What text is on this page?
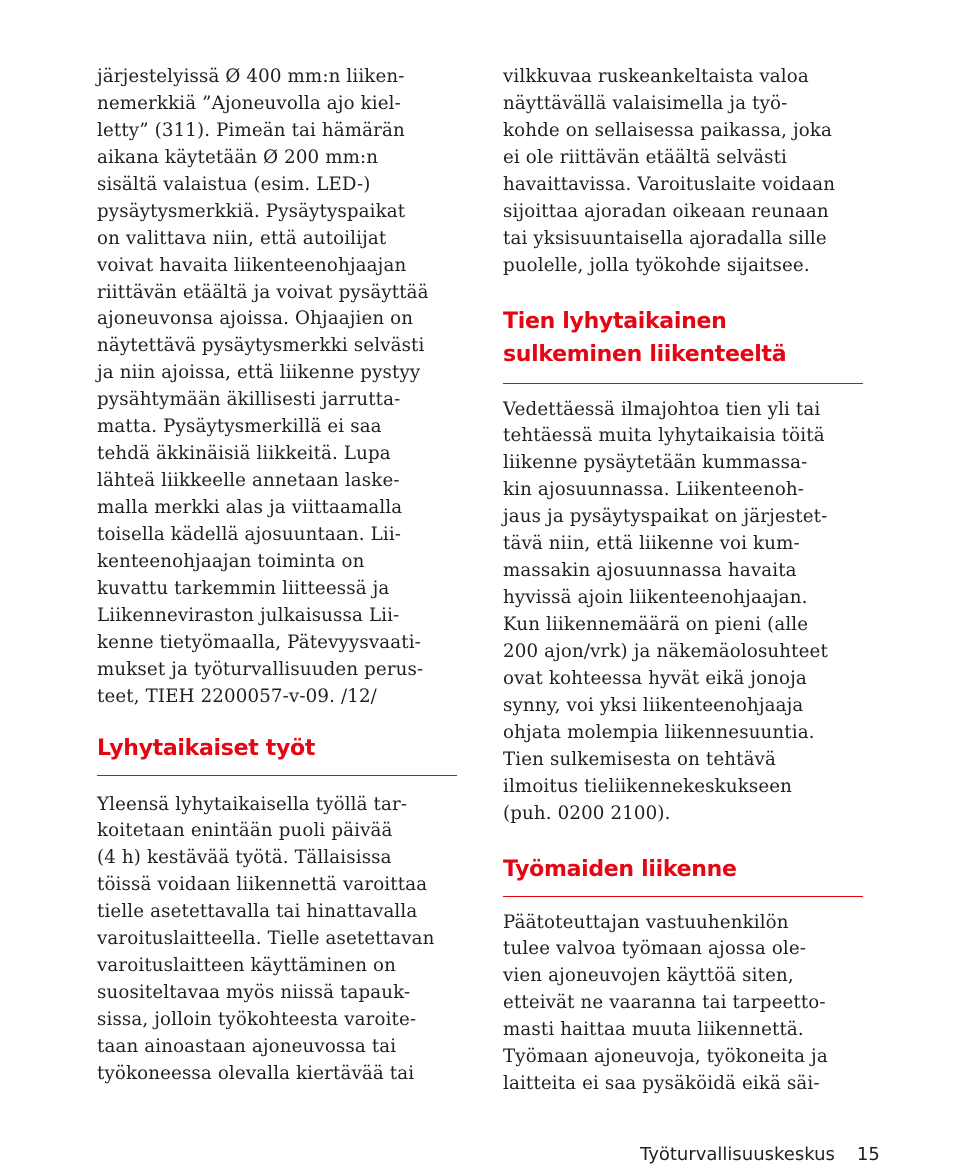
järjestelyissä Ø 400 mm:n liiken-
nemerkkiä ”Ajoneuvolla ajo kiel-
letty” (311). Pimeän tai hämärän
aikana käytetään Ø 200 mm:n
sisältä valaistua (esim. LED-)
pysäytysmerkkiä. Pysäytyspaikat
on valittava niin, että autoilijat
voivat havaita liikenteenohjaajan
riittävän etäältä ja voivat pysäyttää
ajoneuvonsa ajoissa. Ohjaajien on
näytettävä pysäytysmerkki selvästi
ja niin ajoissa, että liikenne pystyy
pysähtymään äkillisesti jarrutta-
matta. Pysäytysmerkillä ei saa
tehdä äkkinäisiä liikkeitä. Lupa
lähteä liikkeelle annetaan laske-
malla merkki alas ja viittaamalla
toisella kädellä ajosuuntaan. Lii-
kenteenohjaajan toiminta on
kuvattu tarkemmin liitteessä ja
Liikenneviraston julkaisussa Lii-
kenne tietyömaalla, Pätevyysvaati-
mukset ja työturvallisuuden perus-
teet, TIEH 2200057-v-09. /12/
Lyhytaikaiset työt
Yleensä lyhytaikaisella työllä tar-
koitetaan enintään puoli päivää
(4 h) kestävää työtä. Tällaisissa
töissä voidaan liikennettä varoittaa
tielle asetettavalla tai hinattavalla
varoituslaitteella. Tielle asetettavan
varoituslaitteen käyttäminen on
suositeltavaa myös niissä tapauk-
sissa, jolloin työkohteesta varoite-
taan ainoastaan ajoneuvossa tai
työkoneessa olevalla kiertävää tai
vilkkuvaa ruskeankeltaista valoa
näyttävällä valaisimella ja työ-
kohde on sellaisessa paikassa, joka
ei ole riittävän etäältä selvästi
havaittavissa. Varoituslaite voidaan
sijoittaa ajoradan oikeaan reunaan
tai yksisuuntaisella ajoradalla sille
puolelle, jolla työkohde sijaitsee.
Tien lyhytaikainen
sulkeminen liikenteeltä
Vedettäessä ilmajohtoa tien yli tai
tehtäessä muita lyhytaikaisia töitä
liikenne pysäytetään kummassa-
kin ajosuunnassa. Liikenteenoh-
jaus ja pysäytyspaikat on järjestet-
tävä niin, että liikenne voi kum-
massakin ajosuunnassa havaita
hyvissä ajoin liikenteenohjaajan.
Kun liikennemäärä on pieni (alle
200 ajon/vrk) ja näkemäolosuhteet
ovat kohteessa hyvät eikä jonoja
synny, voi yksi liikenteenohjaaja
ohjata molempia liikennesuuntia.
Tien sulkemisesta on tehtävä
ilmoitus tieliikennekeskukseen
(puh. 0200 2100).
Työmaiden liikenne
Päätoteuttajan vastuuhenkilön
tulee valvoa työmaan ajossa ole-
vien ajoneuvojen käyttöä siten,
etteivät ne vaaranna tai tarpeetto-
masti haittaa muuta liikennettä.
Työmaan ajoneuvoja, työkoneita ja
laitteita ei saa pysäköidä eikä säi-
Työturvallisuuskeskus 15
